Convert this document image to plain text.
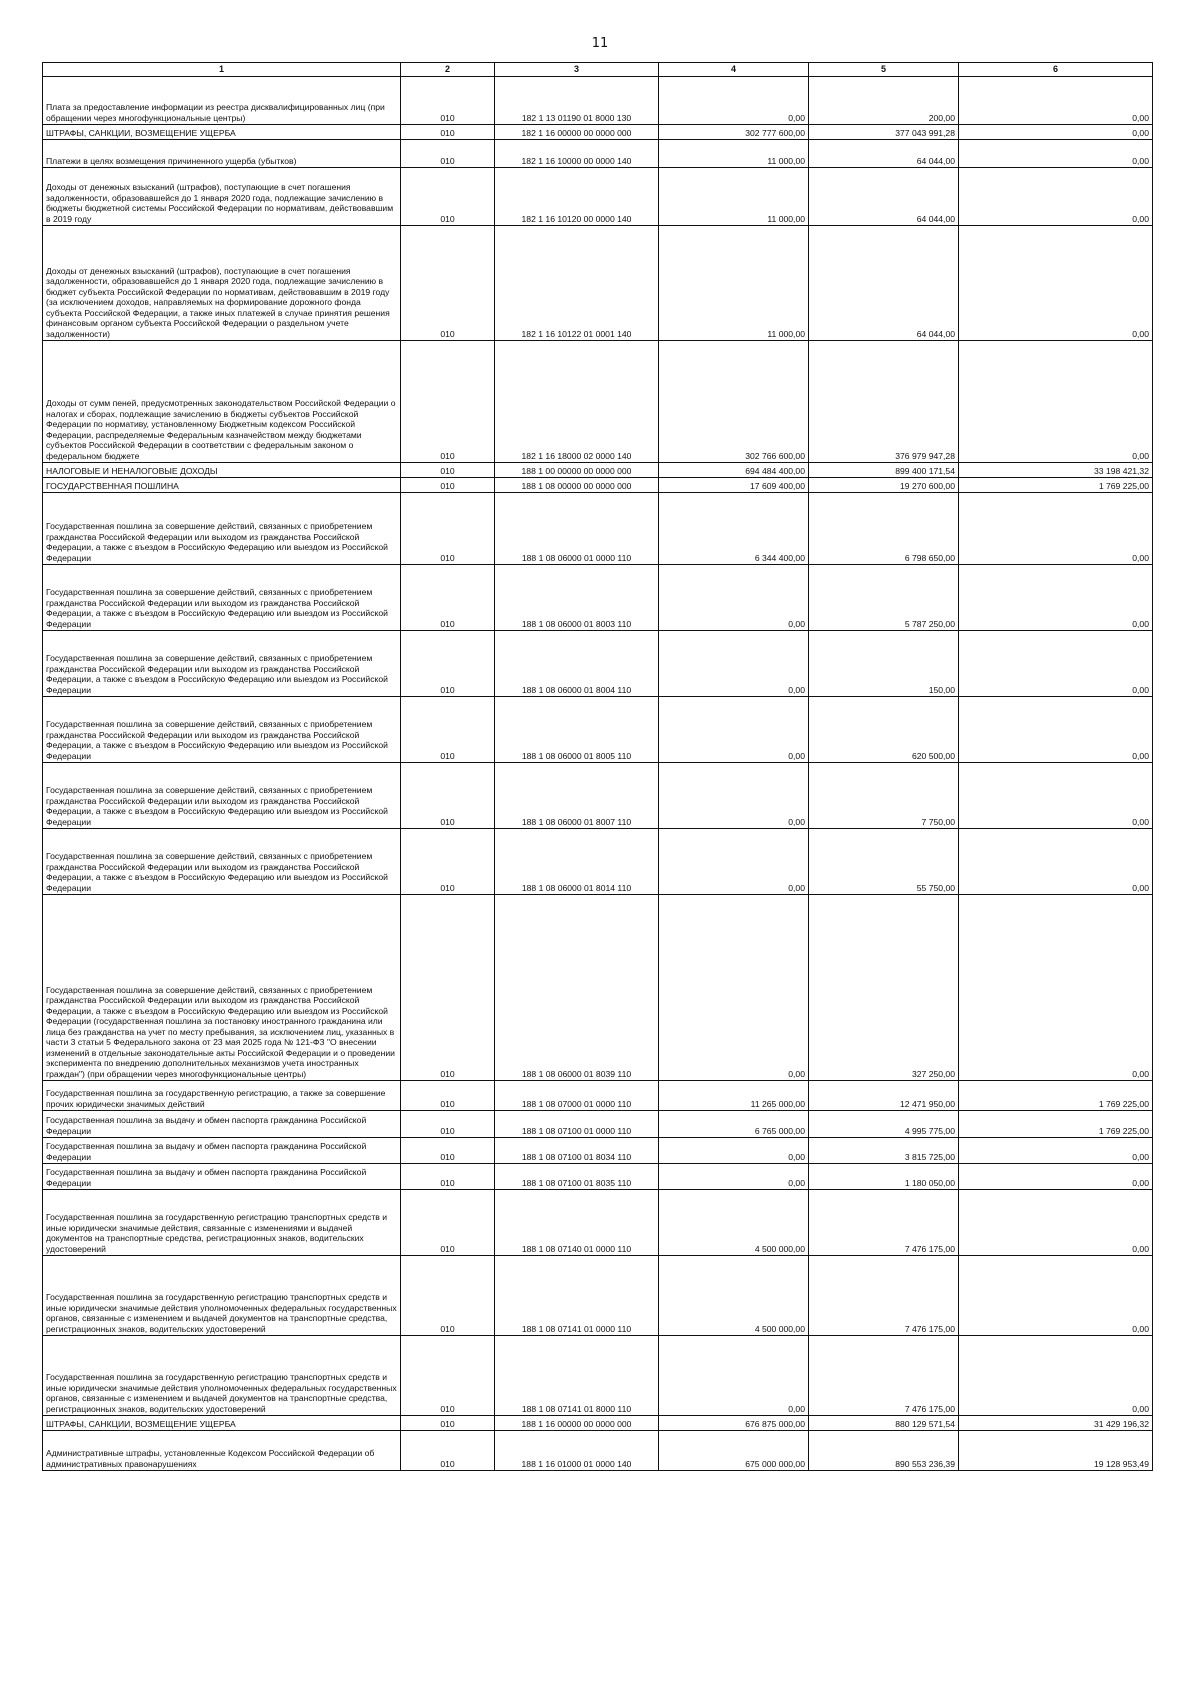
11
1	2	3	4	5	6
Плата за предоставление информации из реестра дисквалифицированных лиц (при обращении через многофункциональные центры)	010	182 1 13 01190 01 8000 130	0,00	200,00	0,00
ШТРАФЫ, САНКЦИИ, ВОЗМЕЩЕНИЕ УЩЕРБА	010	182 1 16 00000 00 0000 000	302 777 600,00	377 043 991,28	0,00
Платежи в целях возмещения причиненного ущерба (убытков)	010	182 1 16 10000 00 0000 140	11 000,00	64 044,00	0,00
Доходы от денежных взысканий (штрафов), поступающие в счет погашения задолженности, образовавшейся до 1 января 2020 года, подлежащие зачислению в бюджеты бюджетной системы Российской Федерации по нормативам, действовавшим в 2019 году	010	182 1 16 10120 00 0000 140	11 000,00	64 044,00	0,00
Доходы от денежных взысканий (штрафов), поступающие в счет погашения задолженности, образовавшейся до 1 января 2020 года, подлежащие зачислению в бюджет субъекта Российской Федерации по нормативам, действовавшим в 2019 году (за исключением доходов, направляемых на формирование дорожного фонда субъекта Российской Федерации, а также иных платежей в случае принятия решения финансовым органом субъекта Российской Федерации о раздельном учете задолженности)	010	182 1 16 10122 01 0001 140	11 000,00	64 044,00	0,00
Доходы от сумм пеней, предусмотренных законодательством Российской Федерации о налогах и сборах, подлежащие зачислению в бюджеты субъектов Российской Федерации по нормативу, установленному Бюджетным кодексом Российской Федерации, распределяемые Федеральным казначейством между бюджетами субъектов Российской Федерации в соответствии с федеральным законом о федеральном бюджете	010	182 1 16 18000 02 0000 140	302 766 600,00	376 979 947,28	0,00
НАЛОГОВЫЕ И НЕНАЛОГОВЫЕ ДОХОДЫ	010	188 1 00 00000 00 0000 000	694 484 400,00	899 400 171,54	33 198 421,32
ГОСУДАРСТВЕННАЯ ПОШЛИНА	010	188 1 08 00000 00 0000 000	17 609 400,00	19 270 600,00	1 769 225,00
Государственная пошлина за совершение действий, связанных с приобретением гражданства Российской Федерации или выходом из гражданства Российской Федерации, а также с въездом в Российскую Федерацию или выездом из Российской Федерации	010	188 1 08 06000 01 0000 110	6 344 400,00	6 798 650,00	0,00
Государственная пошлина за совершение действий, связанных с приобретением гражданства Российской Федерации или выходом из гражданства Российской Федерации, а также с въездом в Российскую Федерацию или выездом из Российской Федерации	010	188 1 08 06000 01 8003 110	0,00	5 787 250,00	0,00
Государственная пошлина за совершение действий, связанных с приобретением гражданства Российской Федерации или выходом из гражданства Российской Федерации, а также с въездом в Российскую Федерацию или выездом из Российской Федерации	010	188 1 08 06000 01 8004 110	0,00	150,00	0,00
Государственная пошлина за совершение действий, связанных с приобретением гражданства Российской Федерации или выходом из гражданства Российской Федерации, а также с въездом в Российскую Федерацию или выездом из Российской Федерации	010	188 1 08 06000 01 8005 110	0,00	620 500,00	0,00
Государственная пошлина за совершение действий, связанных с приобретением гражданства Российской Федерации или выходом из гражданства Российской Федерации, а также с въездом в Российскую Федерацию или выездом из Российской Федерации	010	188 1 08 06000 01 8007 110	0,00	7 750,00	0,00
Государственная пошлина за совершение действий, связанных с приобретением гражданства Российской Федерации или выходом из гражданства Российской Федерации, а также с въездом в Российскую Федерацию или выездом из Российской Федерации	010	188 1 08 06000 01 8014 110	0,00	55 750,00	0,00
Государственная пошлина за совершение действий, связанных с приобретением гражданства Российской Федерации или выходом из гражданства Российской Федерации, а также с въездом в Российскую Федерацию или выездом из Российской Федерации (государственная пошлина за постановку иностранного гражданина или лица без гражданства на учет по месту пребывания, за исключением лиц, указанных в части 3 статьи 5 Федерального закона от 23 мая 2025 года № 121-ФЗ "О внесении изменений в отдельные законодательные акты Российской Федерации и о проведении эксперимента по внедрению дополнительных механизмов учета иностранных граждан") (при обращении через многофункциональные центры)	010	188 1 08 06000 01 8039 110	0,00	327 250,00	0,00
Государственная пошлина за государственную регистрацию, а также за совершение прочих юридически значимых действий	010	188 1 08 07000 01 0000 110	11 265 000,00	12 471 950,00	1 769 225,00
Государственная пошлина за выдачу и обмен паспорта гражданина Российской Федерации	010	188 1 08 07100 01 0000 110	6 765 000,00	4 995 775,00	1 769 225,00
Государственная пошлина за выдачу и обмен паспорта гражданина Российской Федерации	010	188 1 08 07100 01 8034 110	0,00	3 815 725,00	0,00
Государственная пошлина за выдачу и обмен паспорта гражданина Российской Федерации	010	188 1 08 07100 01 8035 110	0,00	1 180 050,00	0,00
Государственная пошлина за государственную регистрацию транспортных средств и иные юридически значимые действия, связанные с изменениями и выдачей документов на транспортные средства, регистрационных знаков, водительских удостоверений	010	188 1 08 07140 01 0000 110	4 500 000,00	7 476 175,00	0,00
Государственная пошлина за государственную регистрацию транспортных средств и иные юридически значимые действия уполномоченных федеральных государственных органов, связанные с изменением и выдачей документов на транспортные средства, регистрационных знаков, водительских удостоверений	010	188 1 08 07141 01 0000 110	4 500 000,00	7 476 175,00	0,00
Государственная пошлина за государственную регистрацию транспортных средств и иные юридически значимые действия уполномоченных федеральных государственных органов, связанные с изменением и выдачей документов на транспортные средства, регистрационных знаков, водительских удостоверений	010	188 1 08 07141 01 8000 110	0,00	7 476 175,00	0,00
ШТРАФЫ, САНКЦИИ, ВОЗМЕЩЕНИЕ УЩЕРБА	010	188 1 16 00000 00 0000 000	676 875 000,00	880 129 571,54	31 429 196,32
Административные штрафы, установленные Кодексом Российской Федерации об административных правонарушениях	010	188 1 16 01000 01 0000 140	675 000 000,00	890 553 236,39	19 128 953,49
